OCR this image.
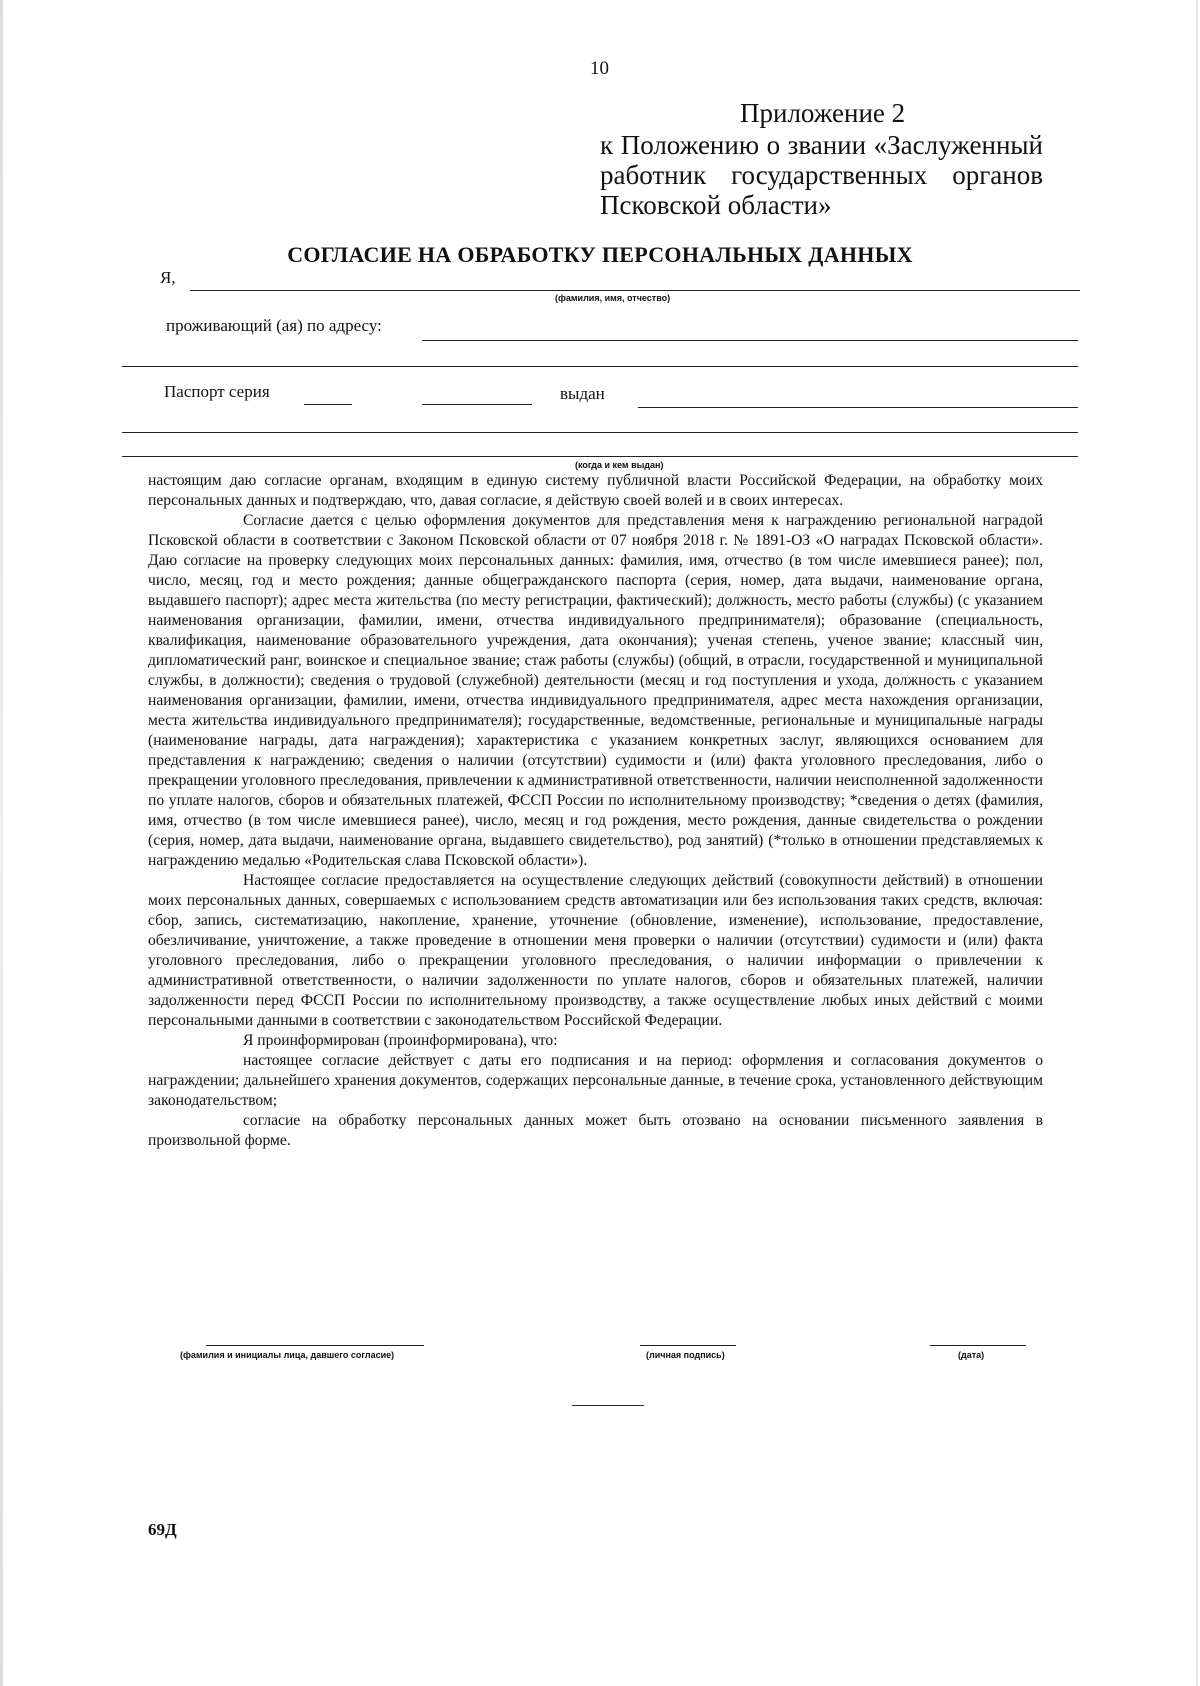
10
Приложение 2
к Положению о звании «Заслуженный
работник государственных органов
Псковской области»
СОГЛАСИЕ НА ОБРАБОТКУ ПЕРСОНАЛЬНЫХ ДАННЫХ
Я,
(фамилия, имя, отчество)
проживающий (ая) по адресу:
Паспорт серия	выдан
(когда и кем выдан)

настоящим даю согласие органам, входящим в единую систему публичной власти Российской Федерации, на обработку моих персональных данных и подтверждаю, что, давая согласие, я действую своей волей и в своих интересах.

Согласие дается с целью оформления документов для представления меня к награждению региональной наградой Псковской области в соответствии с Законом Псковской области от 07 ноября 2018 г. № 1891-ОЗ «О наградах Псковской области». Даю согласие на проверку следующих моих персональных данных: фамилия, имя, отчество (в том числе имевшиеся ранее); пол, число, месяц, год и место рождения; данные общегражданского паспорта (серия, номер, дата выдачи, наименование органа, выдавшего паспорт); адрес места жительства (по месту регистрации, фактический); должность, место работы (службы) (с указанием наименования организации, фамилии, имени, отчества индивидуального предпринимателя); образование (специальность, квалификация, наименование образовательного учреждения, дата окончания); ученая степень, ученое звание; классный чин, дипломатический ранг, воинское и специальное звание; стаж работы (службы) (общий, в отрасли, государственной и муниципальной службы, в должности); сведения о трудовой (служебной) деятельности (месяц и год поступления и ухода, должность с указанием наименования организации, фамилии, имени, отчества индивидуального предпринимателя, адрес места нахождения организации, места жительства индивидуального предпринимателя); государственные, ведомственные, региональные и муниципальные награды (наименование награды, дата награждения); характеристика с указанием конкретных заслуг, являющихся основанием для представления к награждению; сведения о наличии (отсутствии) судимости и (или) факта уголовного преследования, либо о прекращении уголовного преследования, привлечении к административной ответственности, наличии неисполненной задолженности по уплате налогов, сборов и обязательных платежей, ФССП России по исполнительному производству; *сведения о детях (фамилия, имя, отчество (в том числе имевшиеся ранее), число, месяц и год рождения, место рождения, данные свидетельства о рождении (серия, номер, дата выдачи, наименование органа, выдавшего свидетельство), род занятий) (*только в отношении представляемых к награждению медалью «Родительская слава Псковской области»).

Настоящее согласие предоставляется на осуществление следующих действий (совокупности действий) в отношении моих персональных данных, совершаемых с использованием средств автоматизации или без использования таких средств, включая: сбор, запись, систематизацию, накопление, хранение, уточнение (обновление, изменение), использование, предоставление, обезличивание, уничтожение, а также проведение в отношении меня проверки о наличии (отсутствии) судимости и (или) факта уголовного преследования, либо о прекращении уголовного преследования, о наличии информации о привлечении к административной ответственности, о наличии задолженности по уплате налогов, сборов и обязательных платежей, наличии задолженности перед ФССП России по исполнительному производству, а также осуществление любых иных действий с моими персональными данными в соответствии с законодательством Российской Федерации.

Я проинформирован (проинформирована), что:

настоящее согласие действует с даты его подписания и на период: оформления и согласования документов о награждении; дальнейшего хранения документов, содержащих персональные данные, в течение срока, установленного действующим законодательством;

согласие на обработку персональных данных может быть отозвано на основании письменного заявления в произвольной форме.

(фамилия и инициалы лица, давшего согласие)	(личная подпись)	(дата)
69Д
